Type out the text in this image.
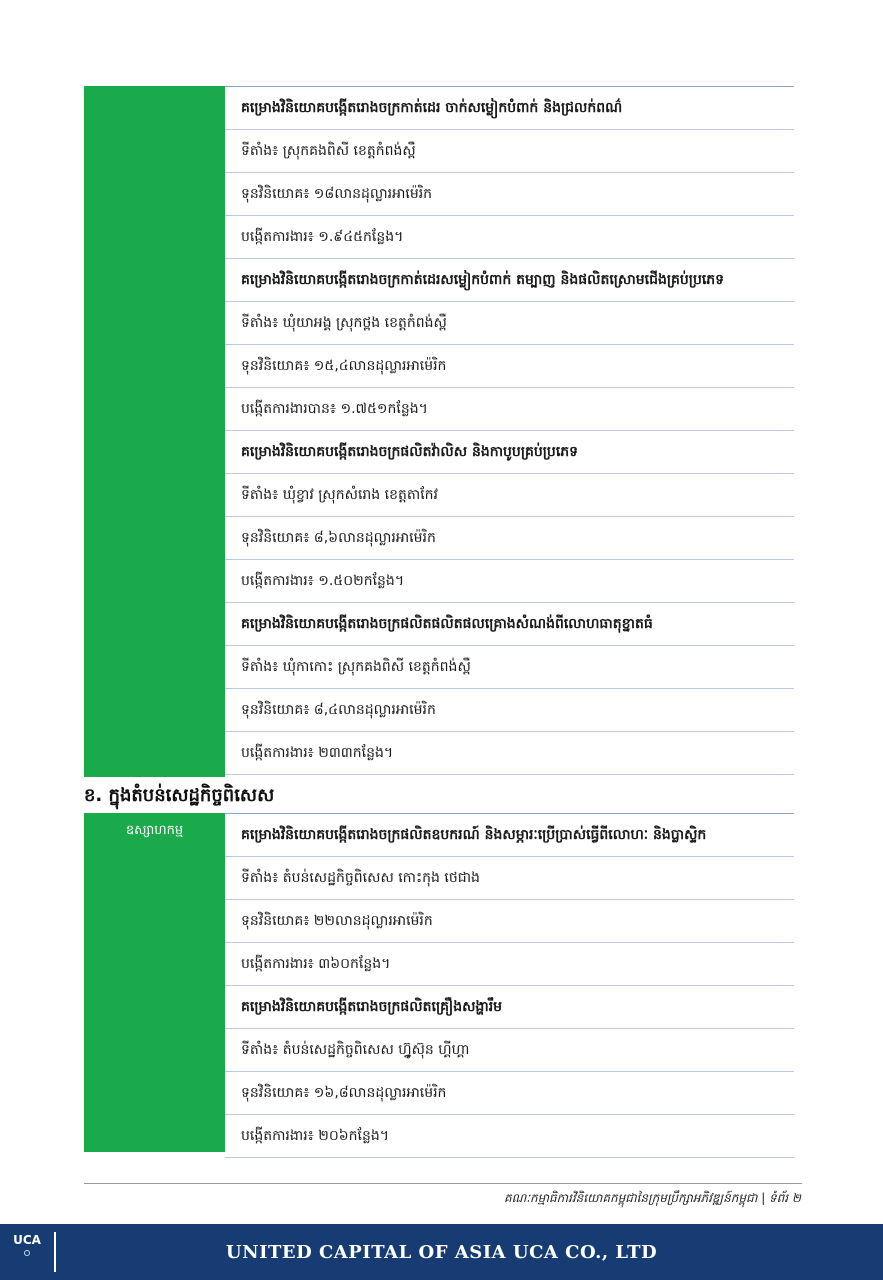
គម្រោងវិនិយោគបង្កើតរោងចក្រកាត់ដេរ ចាក់សម្លៀកបំពាក់ និងជ្រលក់ពណ៌
ទីតាំង៖ ស្រុកគងពិសី ខេត្តកំពង់ស្ពឺ
ទុនវិនិយោគ៖ ១៨លានដុល្លារអាម៉េរិក
បង្កើតការងារ៖ ១.៩៤៥កន្លែង។
គម្រោងវិនិយោគបង្កើតរោងចក្រកាត់ដេរសម្លៀកបំពាក់ តម្បាញ និងផលិតស្រោមជើងគ្រប់ប្រភេទ
ទីតាំង៖ ឃុំយាអង្គ ស្រុកថ្ពង ខេត្តកំពង់ស្ពឺ
ទុនវិនិយោគ៖ ១៥,៤លានដុល្លារអាម៉េរិក
បង្កើតការងារបាន៖ ១.៧៥១កន្លែង។
គម្រោងវិនិយោគបង្កើតរោងចក្រផលិតវ៉ាលិស និងកាបូបគ្រប់ប្រភេទ
ទីតាំង៖ ឃុំខ្វាវ ស្រុកសំរោង ខេត្តតាកែវ
ទុនវិនិយោគ៖ ៨,៦លានដុល្លារអាម៉េរិក
បង្កើតការងារ៖ ១.៥០២កន្លែង។
គម្រោងវិនិយោគបង្កើតរោងចក្រផលិតផលិតផលគ្រោងសំណង់ពីលោហធាតុខ្នាតធំ
ទីតាំង៖ ឃុំកាកោះ ស្រុកគងពិសី ខេត្តកំពង់ស្ពឺ
ទុនវិនិយោគ៖ ៨,៤លានដុល្លារអាម៉េរិក
បង្កើតការងារ៖ ២៣៣កន្លែង។
ខ. ក្នុងតំបន់សេដ្ឋកិច្ចពិសេស
ឧស្សាហកម្ម	គម្រោងវិនិយោគបង្កើតរោងចក្រផលិតឧបករណ៍ និងសម្ភារៈប្រើប្រាស់ធ្វើពីលោហៈ និងប្លាស្ទិក
ទីតាំង៖ តំបន់សេដ្ឋកិច្ចពិសេស កោះកុង ថេជាង
ទុនវិនិយោគ៖ ២២លានដុល្លារអាម៉េរិក
បង្កើតការងារ៖ ៣៦០កន្លែង។
គម្រោងវិនិយោគបង្កើតរោងចក្រផលិតគ្រឿងសង្ហារឹម
ទីតាំង៖ តំបន់សេដ្ឋកិច្ចពិសេស ហ្វ៊ូស៊ុន ហ្គីហ្គា
ទុនវិនិយោគ៖ ១៦,៨លានដុល្លារអាម៉េរិក
បង្កើតការងារ៖ ២០៦កន្លែង។
គណៈកម្មាធិការវិនិយោគកម្ពុជានៃក្រុមប្រឹក្សាអភិវឌ្ឍន៍កម្ពុជា | ទំព័រ ២
UCA
UNITED CAPITAL OF ASIA UCA CO., LTD
